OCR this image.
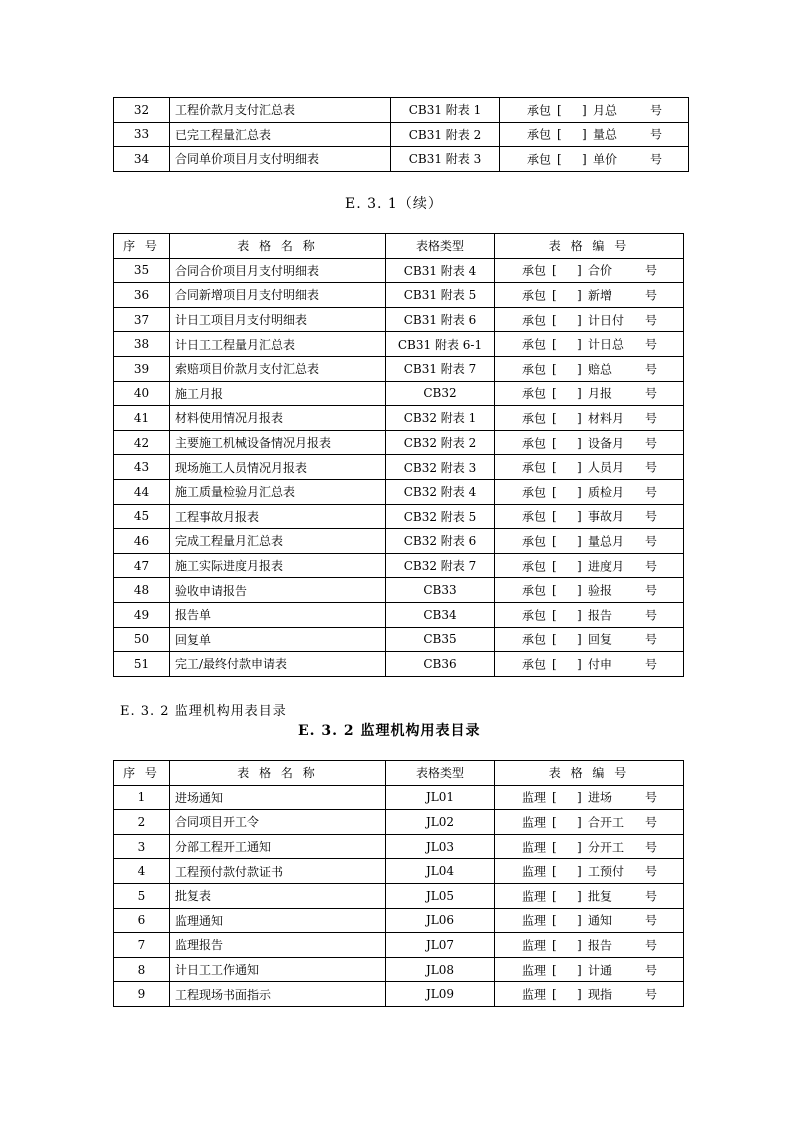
32	工程价款月支付汇总表	CB31 附表 1	承包 [ ] 月总 号

33	已完工程量汇总表	CB31 附表 2	承包 [ ] 量总 号

34	合同单价项目月支付明细表	CB31 附表 3	承包 [ ] 单价 号
E. 3. 1（续）
序 号	表 格 名 称	表格类型	表 格 编 号
35	合同合价项目月支付明细表	CB31 附表 4	承包 [ ] 合价 号

36	合同新增项目月支付明细表	CB31 附表 5	承包 [ ] 新增 号

37	计日工项目月支付明细表	CB31 附表 6	承包 [ ] 计日付 号

38	计日工工程量月汇总表	CB31 附表 6-1	承包 [ ] 计日总 号

39	索赔项目价款月支付汇总表	CB31 附表 7	承包 [ ] 赔总 号

40	施工月报	CB32	承包 [ ] 月报 号

41	材料使用情况月报表	CB32 附表 1	承包 [ ] 材料月 号

42	主要施工机械设备情况月报表	CB32 附表 2	承包 [ ] 设备月 号

43	现场施工人员情况月报表	CB32 附表 3	承包 [ ] 人员月 号

44	施工质量检验月汇总表	CB32 附表 4	承包 [ ] 质检月 号

45	工程事故月报表	CB32 附表 5	承包 [ ] 事故月 号

46	完成工程量月汇总表	CB32 附表 6	承包 [ ] 量总月 号

47	施工实际进度月报表	CB32 附表 7	承包 [ ] 进度月 号

48	验收申请报告	CB33	承包 [ ] 验报 号

49	报告单	CB34	承包 [ ] 报告 号

50	回复单	CB35	承包 [ ] 回复 号

51	完工/最终付款申请表	CB36	承包 [ ] 付申 号
E. 3. 2 监理机构用表目录
E. 3. 2 监理机构用表目录
序 号	表 格 名 称	表格类型	表 格 编 号
1	进场通知	JL01	监理 [ ] 进场 号

2	合同项目开工令	JL02	监理 [ ] 合开工 号

3	分部工程开工通知	JL03	监理 [ ] 分开工 号

4	工程预付款付款证书	JL04	监理 [ ] 工预付 号

5	批复表	JL05	监理 [ ] 批复 号

6	监理通知	JL06	监理 [ ] 通知 号

7	监理报告	JL07	监理 [ ] 报告 号

8	计日工工作通知	JL08	监理 [ ] 计通 号

9	工程现场书面指示	JL09	监理 [ ] 现指 号
